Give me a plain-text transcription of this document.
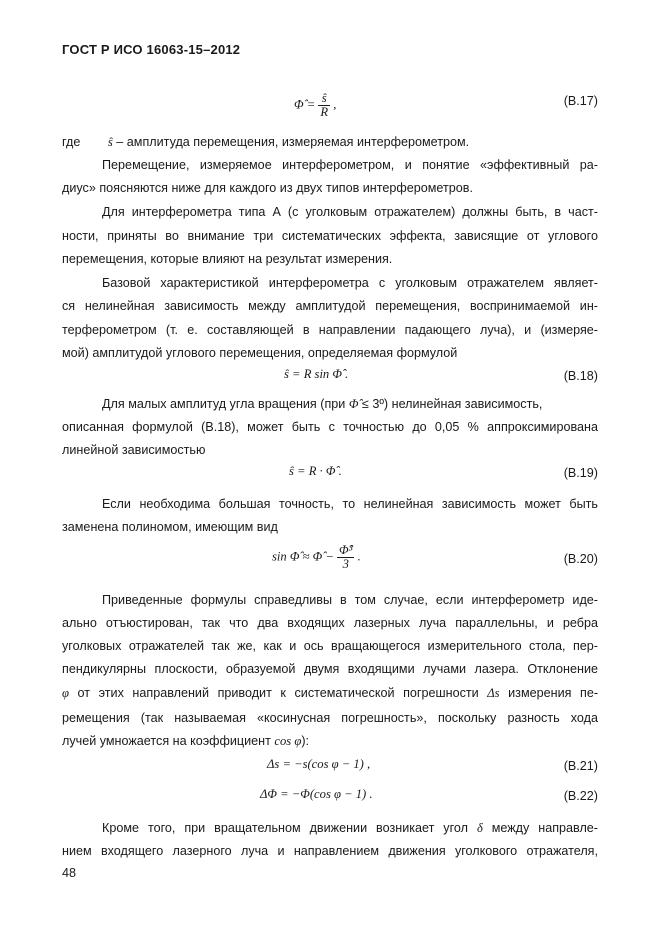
ГОСТ Р ИСО 16063-15–2012
Φ̂ = $\frac{ŝ}{R}$ ,	(В.17)
где ŝ – амплитуда перемещения, измеряемая интерферометром.
Перемещение, измеряемое интерферометром, и понятие «эффективный ра-
диус» поясняются ниже для каждого из двух типов интерферометров.
Для интерферометра типа А (с уголковым отражателем) должны быть, в част-
ности, приняты во внимание три систематических эффекта, зависящие от углового
перемещения, которые влияют на результат измерения.
Базовой характеристикой интерферометра с уголковым отражателем являет-
ся нелинейная зависимость между амплитудой перемещения, воспринимаемой ин-
терферометром (т. е. составляющей в направлении падающего луча), и (измеряе-
мой) амплитудой углового перемещения, определяемая формулой
ŝ = R sin Φ̂ .	(В.18)
Для малых амплитуд угла вращения (при Φ̂ ≤ 3º) нелинейная зависимость,
описанная формулой (В.18), может быть с точностью до 0,05 % аппроксимирована
линейной зависимостью
ŝ = R · Φ̂ .	(В.19)
Если необходима большая точность, то нелинейная зависимость может быть
заменена полиномом, имеющим вид
sin Φ̂ ≈ Φ̂ − $\frac{\text{Φ̂³}}{3}$ .	(В.20)
Приведенные формулы справедливы в том случае, если интерферометр иде-
ально отъюстирован, так что два входящих лазерных луча параллельны, и ребра
уголковых отражателей так же, как и ось вращающегося измерительного стола, пер-
пендикулярны плоскости, образуемой двумя входящими лучами лазера. Отклонение
φ от этих направлений приводит к систематической погрешности Δs измерения пе-
ремещения (так называемая «косинусная погрешность», поскольку разность хода
лучей умножается на коэффициент cos φ):
Δs = −s(cos φ − 1) ,	(В.21)
ΔΦ = −Φ(cos φ − 1) .	(В.22)
Кроме того, при вращательном движении возникает угол δ между направле-
нием входящего лазерного луча и направлением движения уголкового отражателя,
48
